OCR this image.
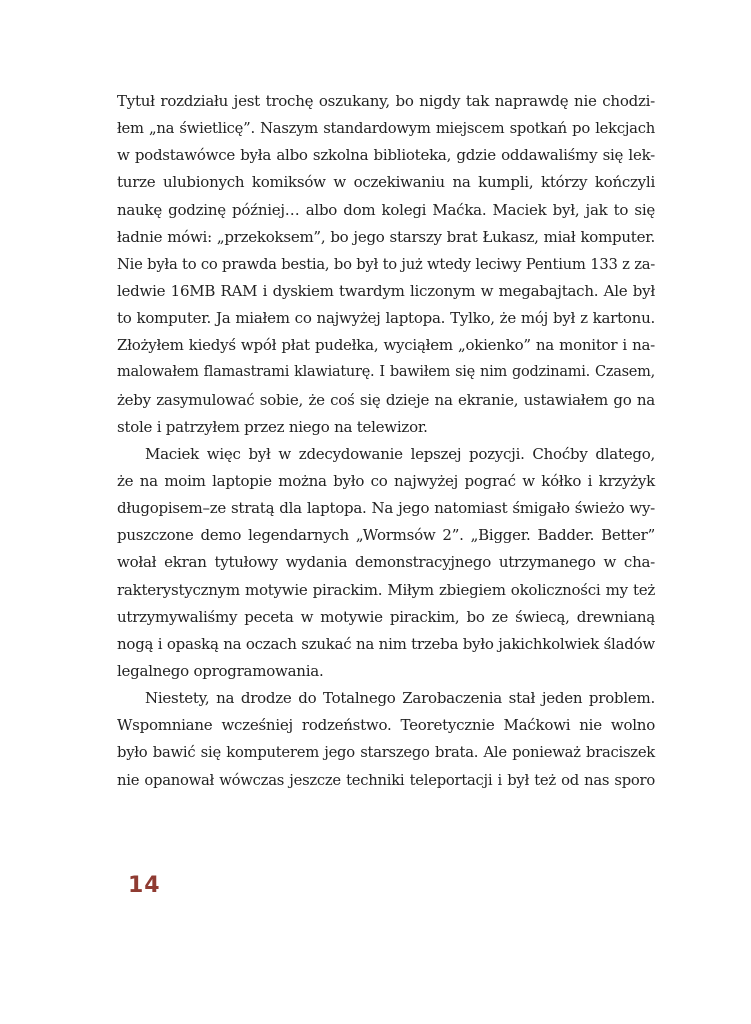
Tytuł rozdziału jest trochę oszukany, bo nigdy tak naprawdę nie chodzi-
łem „na świetlicę”. Naszym standardowym miejscem spotkań po lekcjach
w podstawówce była albo szkolna biblioteka, gdzie oddawaliśmy się lek-
turze ulubionych komiksów w oczekiwaniu na kumpli, którzy kończyli
naukę godzinę później… albo dom kolegi Maćka. Maciek był, jak to się
ładnie mówi: „przekoksem”, bo jego starszy brat Łukasz, miał komputer.
Nie była to co prawda bestia, bo był to już wtedy leciwy Pentium 133 z za-
ledwie 16MB RAM i dyskiem twardym liczonym w megabajtach. Ale był
to komputer. Ja miałem co najwyżej laptopa. Tylko, że mój był z kartonu.
Złożyłem kiedyś wpół płat pudełka, wyciąłem „okienko” na monitor i na-
malowałem flamastrami klawiaturę. I bawiłem się nim godzinami. Czasem,
żeby zasymulować sobie, że coś się dzieje na ekranie, ustawiałem go na
stole i patrzyłem przez niego na telewizor.
Maciek więc był w zdecydowanie lepszej pozycji. Choćby dlatego,
że na moim laptopie można było co najwyżej pograć w kółko i krzyżyk
długopisem–ze stratą dla laptopa. Na jego natomiast śmigało świeżo wy-
puszczone demo legendarnych „Wormsów 2”. „Bigger. Badder. Better”
wołał ekran tytułowy wydania demonstracyjnego utrzymanego w cha-
rakterystycznym motywie pirackim. Miłym zbiegiem okoliczności my też
utrzymywaliśmy peceta w motywie pirackim, bo ze świecą, drewnianą
nogą i opaską na oczach szukać na nim trzeba było jakichkolwiek śladów
legalnego oprogramowania.
Niestety, na drodze do Totalnego Zarobaczenia stał jeden problem.
Wspomniane wcześniej rodzeństwo. Teoretycznie Maćkowi nie wolno
było bawić się komputerem jego starszego brata. Ale ponieważ braciszek
nie opanował wówczas jeszcze techniki teleportacji i był też od nas sporo
14
